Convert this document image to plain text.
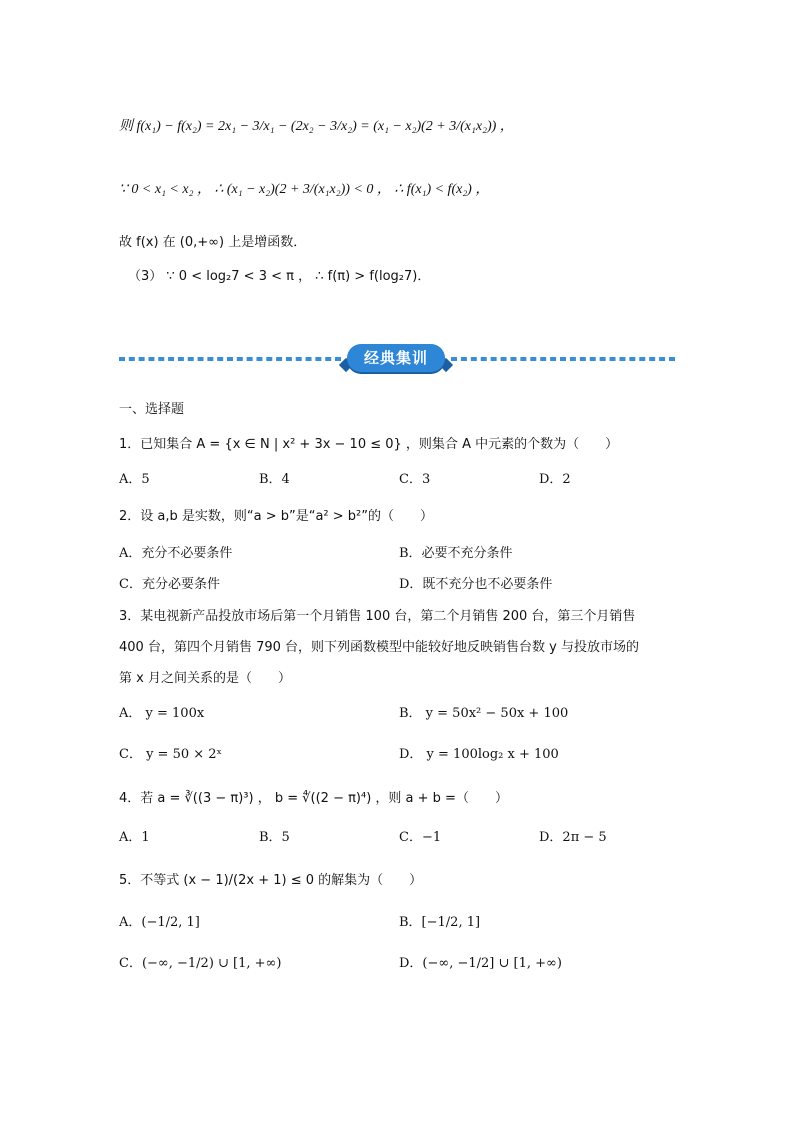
则 f(x₁) − f(x₂) = 2x₁ − 3/x₁ − (2x₂ − 3/x₂) = (x₁ − x₂)(2 + 3/(x₁x₂)) ，
∵ 0 < x₁ < x₂ ， ∴ (x₁ − x₂)(2 + 3/(x₁x₂)) < 0 ， ∴ f(x₁) < f(x₂) ，
故 f(x) 在 (0,+∞) 上是增函数．
（3） ∵ 0 < log₂7 < 3 < π ， ∴ f(π) > f(log₂7)．
经典集训
一、选择题
1．已知集合 A = {x ∈ N | x² + 3x − 10 ≤ 0} ，则集合 A 中元素的个数为（　　）
A．5	B．4	C．3	D．2
2．设 a,b 是实数，则“a > b”是“a² > b²”的（　　）
A．充分不必要条件	B．必要不充分条件
C．充分必要条件	D．既不充分也不必要条件
3．某电视新产品投放市场后第一个月销售 100 台，第二个月销售 200 台，第三个月销售
400 台，第四个月销售 790 台，则下列函数模型中能较好地反映销售台数 y 与投放市场的
第 x 月之间关系的是（　　）
A． y = 100x	B． y = 50x² − 50x + 100
C． y = 50 × 2ˣ	D． y = 100log₂ x + 100
4．若 a = ∛((3 − π)³) ， b = ∜((2 − π)⁴) ，则 a + b =（　　）
A．1	B．5	C．−1	D．2π − 5
5．不等式 (x − 1)/(2x + 1) ≤ 0 的解集为（　　）
A．(−1/2, 1]	B．[−1/2, 1]
C．(−∞, −1/2) ∪ [1, +∞)	D．(−∞, −1/2] ∪ [1, +∞)
